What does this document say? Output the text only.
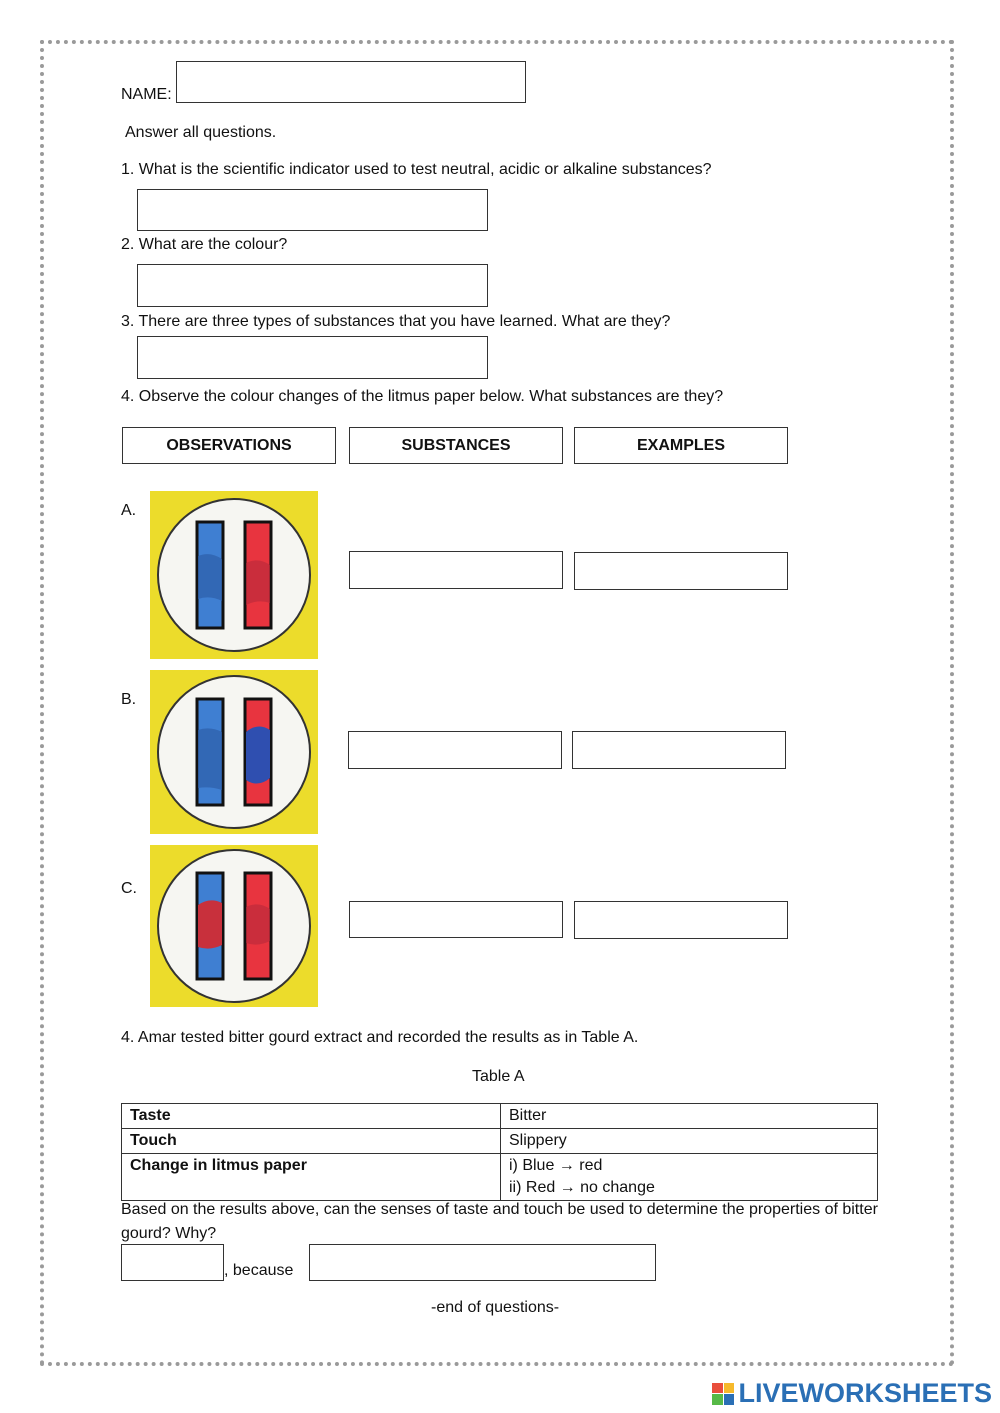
NAME:
Answer all questions.
1. What is the scientific indicator used to test neutral, acidic or alkaline substances?
2. What are the colour?
3. There are three types of substances that you have learned. What are they?
4. Observe the colour changes of the litmus paper below. What substances are they?
OBSERVATIONS	SUBSTANCES	EXAMPLES
A.
B.
C.
4. Amar tested bitter gourd extract and recorded the results as in Table A.
Table A
Taste	Bitter
Touch	Slippery
Change in litmus paper	i) Blue → red
ii) Red → no change
Based on the results above, can the senses of taste and touch be used to determine the properties of bitter gourd? Why?
, because
-end of questions-
LIVEWORKSHEETS
